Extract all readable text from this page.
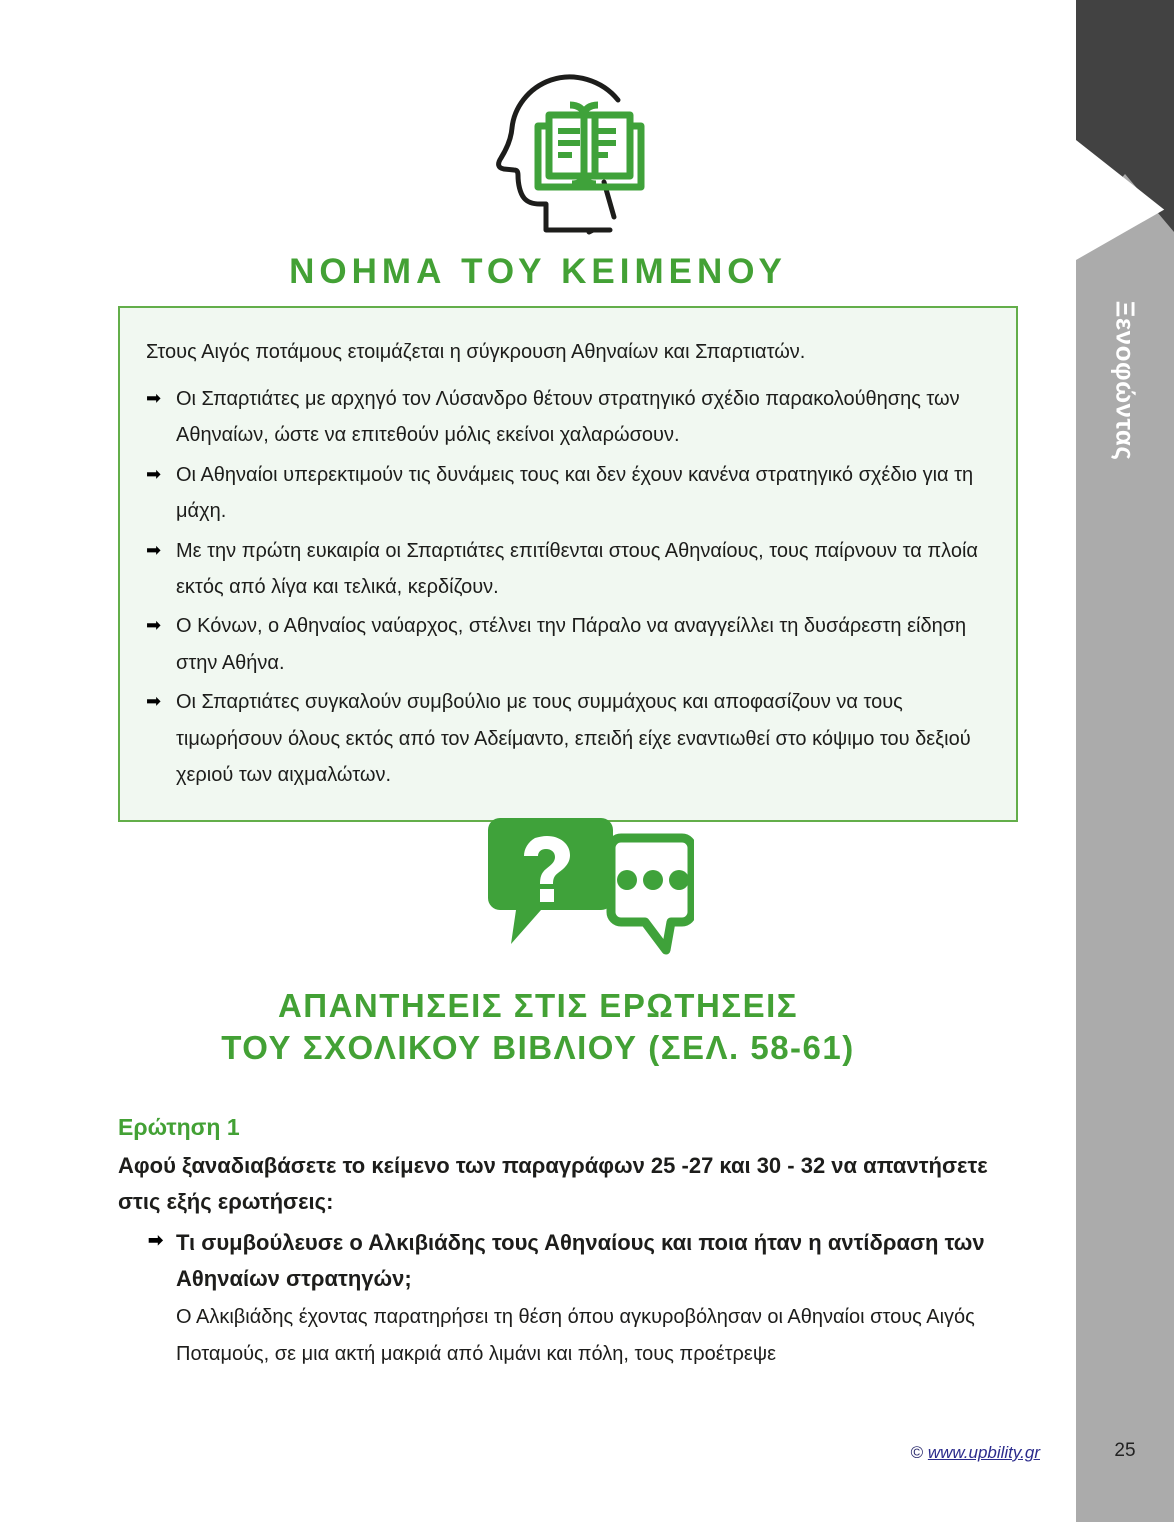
Ξενοφώντας
25
ΝΟΗΜΑ ΤΟΥ ΚΕΙΜΕΝΟΥ
Στους Αιγός ποτάμους ετοιμάζεται η σύγκρουση Αθηναίων και Σπαρτιατών.
➡ Οι Σπαρτιάτες με αρχηγό τον Λύσανδρο θέτουν στρατηγικό σχέδιο παρακολούθησης των Αθηναίων, ώστε να επιτεθούν μόλις εκείνοι χαλαρώσουν.
➡ Οι Αθηναίοι υπερεκτιμούν τις δυνάμεις τους και δεν έχουν κανένα στρατηγικό σχέδιο για τη μάχη.
➡ Με την πρώτη ευκαιρία οι Σπαρτιάτες επιτίθενται στους Αθηναίους, τους παίρνουν τα πλοία εκτός από λίγα και τελικά, κερδίζουν.
➡ Ο Κόνων, ο Αθηναίος ναύαρχος, στέλνει την Πάραλο να αναγγείλλει τη δυσάρεστη είδηση στην Αθήνα.
➡ Οι Σπαρτιάτες συγκαλούν συμβούλιο με τους συμμάχους και αποφασίζουν να τους τιμωρήσουν όλους εκτός από τον Αδείμαντο, επειδή είχε εναντιωθεί στο κόψιμο του δεξιού χεριού των αιχμαλώτων.
ΑΠΑΝΤΗΣΕΙΣ ΣΤΙΣ ΕΡΩΤΗΣΕΙΣ
ΤΟΥ ΣΧΟΛΙΚΟΥ ΒΙΒΛΙΟΥ (ΣΕΛ. 58-61)
Ερώτηση 1
Αφού ξαναδιαβάσετε το κείμενο των παραγράφων 25 -27 και 30 - 32 να απαντήσετε στις εξής ερωτήσεις:
➡ Τι συμβούλευσε ο Αλκιβιάδης τους Αθηναίους και ποια ήταν η αντίδραση των Αθηναίων στρατηγών;
Ο Αλκιβιάδης έχοντας παρατηρήσει τη θέση όπου αγκυροβόλησαν οι Αθηναίοι στους Αιγός Ποταμούς, σε μια ακτή μακριά από λιμάνι και πόλη, τους προέτρεψε
© www.upbility.gr
